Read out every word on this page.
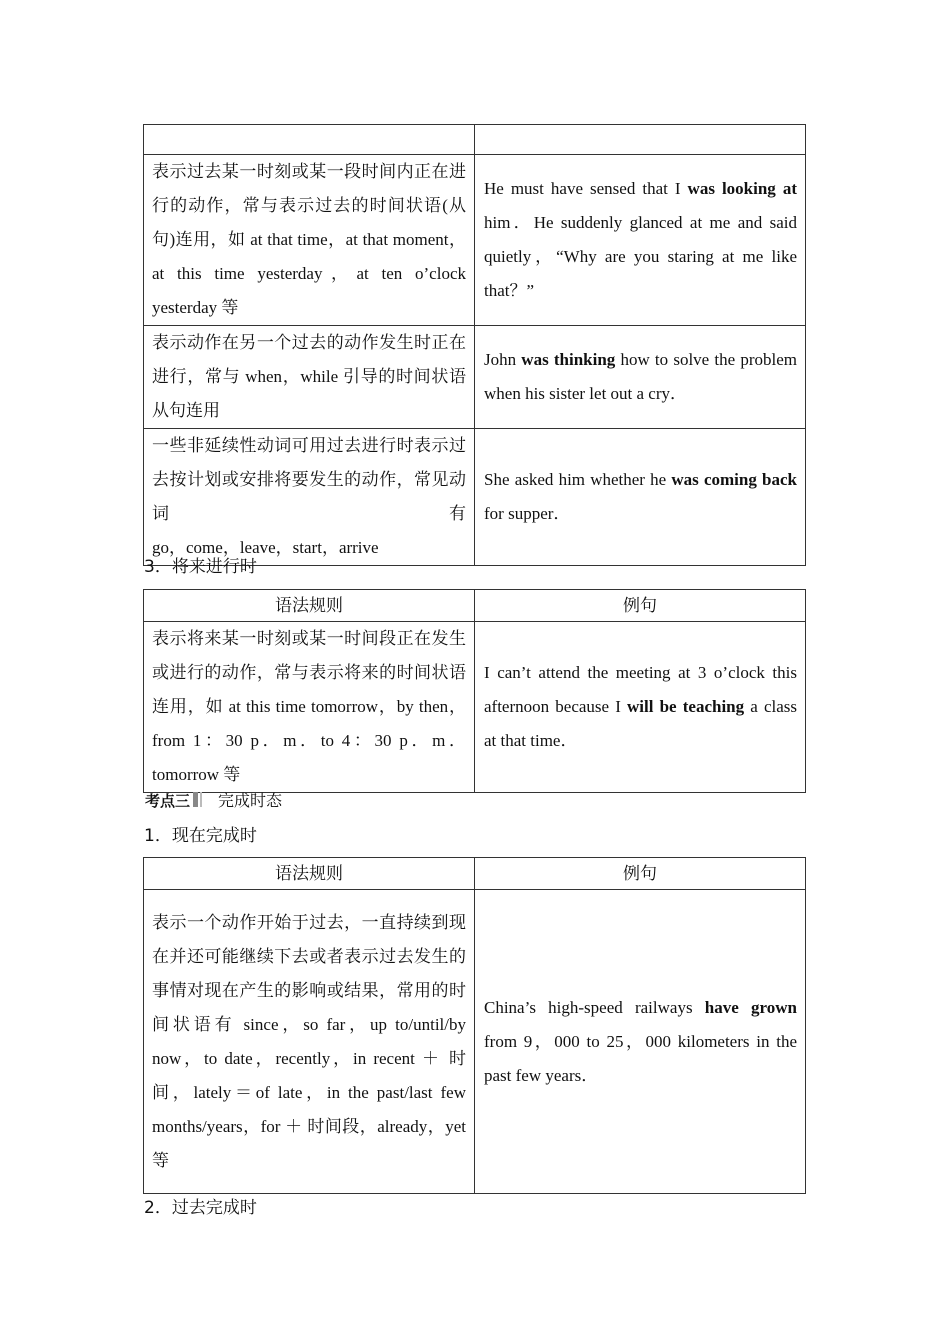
表示过去某一时刻或某一段时间内正在进行的动作，常与表示过去的时间状语(从句)连用，如 at that time，at that moment，at this time yesterday，at ten o’clock yesterday 等	He must have sensed that I was looking at him．He suddenly glanced at me and said quietly，“Why are you staring at me like that？”
表示动作在另一个过去的动作发生时正在进行，常与 when，while 引导的时间状语从句连用	John was thinking how to solve the problem when his sister let out a cry．

一些非延续性动词可用过去进行时表示过去按计划或安排将要发生的动作，常见动词有
go，come，leave，start，arrive	She asked him whether he was coming back for supper．
3．将来进行时
语法规则	例句
表示将来某一时刻或某一时间段正在发生或进行的动作，常与表示将来的时间状语连用，如 at this time tomorrow，by then，from 1：30 p．m．to 4：30 p．m．tomorrow 等	I can’t attend the meeting at 3 o’clock this afternoon because I will be teaching a class at that time．
考点三 完成时态
1．现在完成时
语法规则	例句
表示一个动作开始于过去，一直持续到现在并还可能继续下去或者表示过去发生的事情对现在产生的影响或结果，常用的时间状语有 since，so far，up to/until/by now，to date，recently，in recent ＋ 时间，lately＝of late，in the past/last few months/years，for ＋ 时间段，already，yet 等	China’s high-speed railways have grown from 9，000 to 25，000 kilometers in the past few years．
2．过去完成时
